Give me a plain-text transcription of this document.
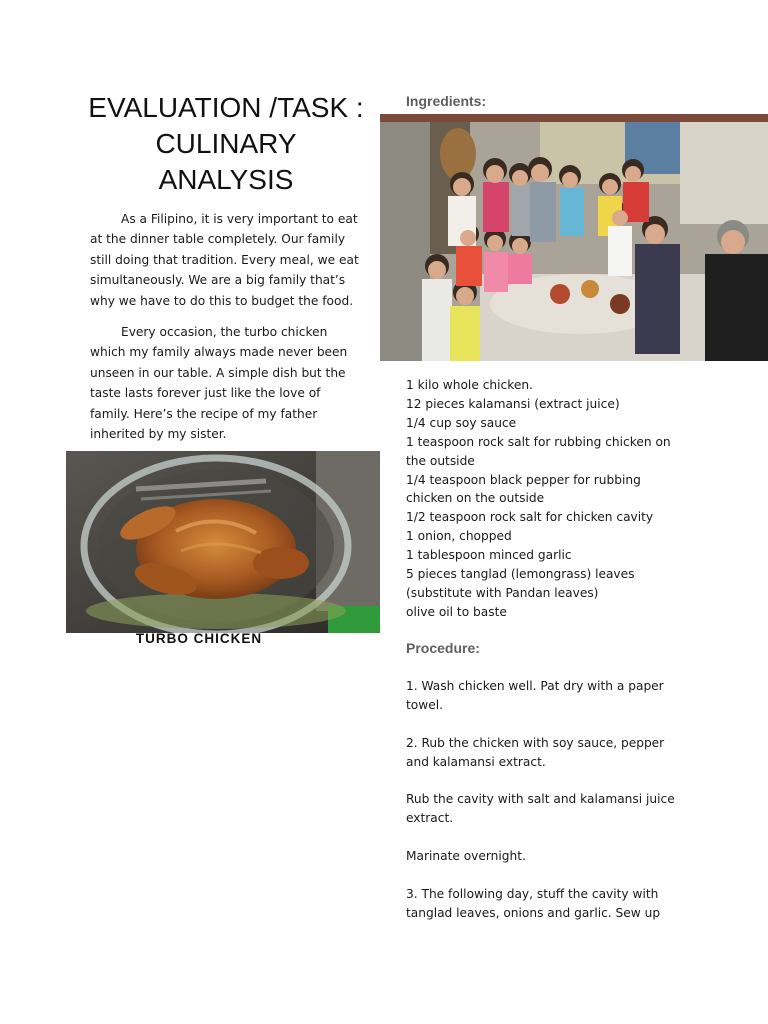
EVALUATION /TASK : CULINARY ANALYSIS

As a Filipino, it is very important to eat at the dinner table completely. Our family still doing that tradition. Every meal, we eat simultaneously. We are a big family that’s why we have to do this to budget the food.

Every occasion, the turbo chicken which my family always made never been unseen in our table. A simple dish but the taste lasts forever just like the love of family. Here’s the recipe of my father inherited by my sister.

TURBO CHICKEN
Ingredients:
1 kilo whole chicken.
12 pieces kalamansi (extract juice)
1/4 cup soy sauce
1 teaspoon rock salt for rubbing chicken on the outside
1/4 teaspoon black pepper for rubbing chicken on the outside
1/2 teaspoon rock salt for chicken cavity
1 onion, chopped
1 tablespoon minced garlic
5 pieces tanglad (lemongrass) leaves (substitute with Pandan leaves)
olive oil to baste
Procedure:

1. Wash chicken well. Pat dry with a paper towel.

2. Rub the chicken with soy sauce, pepper and kalamansi extract.

Rub the cavity with salt and kalamansi juice extract.

Marinate overnight.

3. The following day, stuff the cavity with tanglad leaves, onions and garlic. Sew up
